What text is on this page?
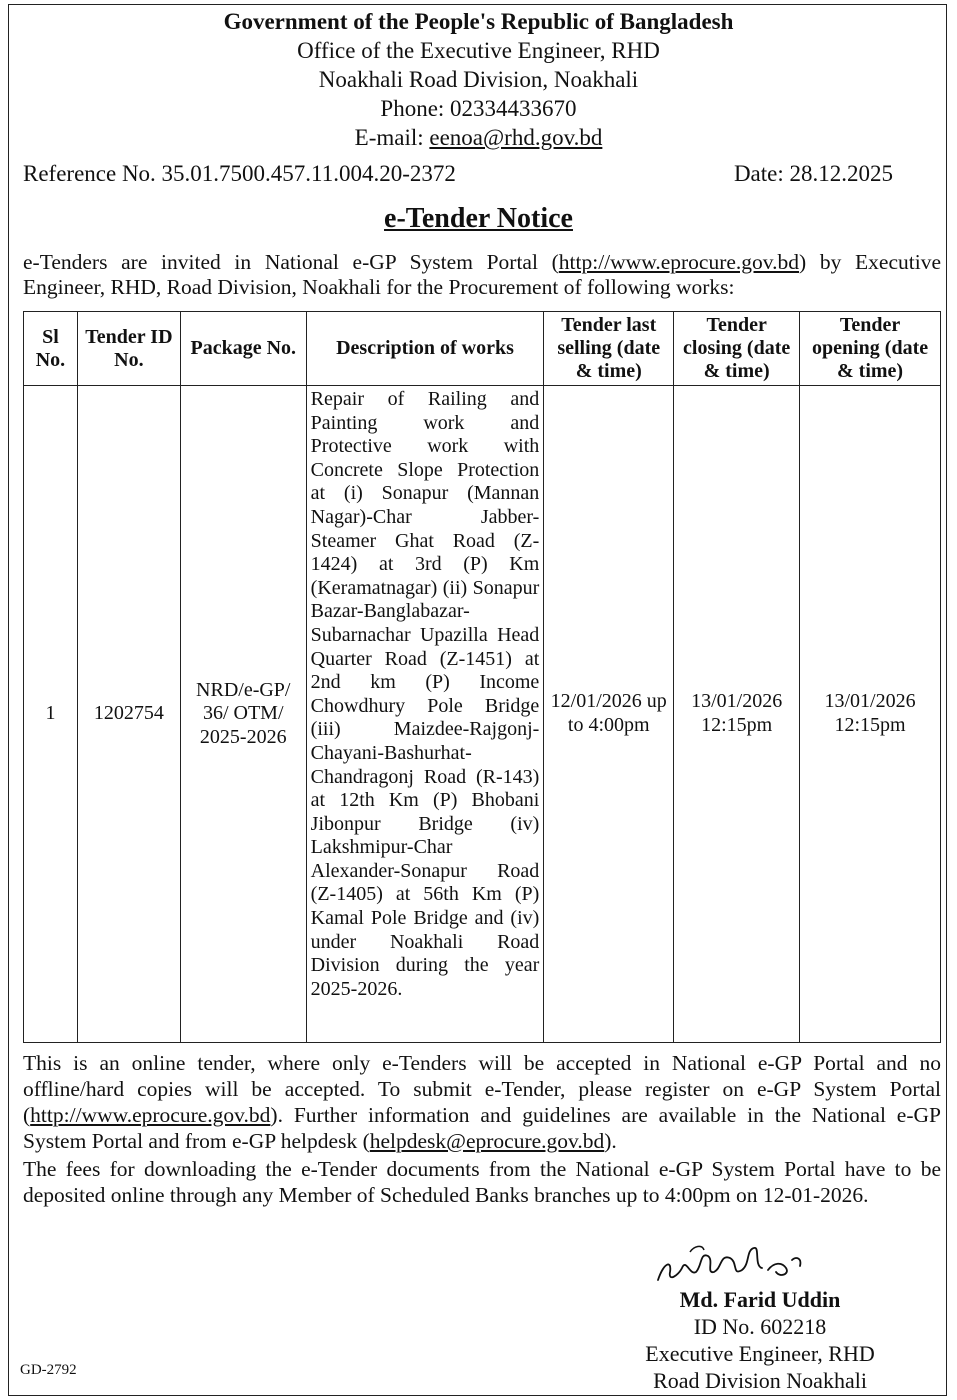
Government of the People's Republic of Bangladesh
Office of the Executive Engineer, RHD
Noakhali Road Division, Noakhali
Phone: 02334433670
E-mail: eenoa@rhd.gov.bd
Reference No. 35.01.7500.457.11.004.20-2372	Date: 28.12.2025
e-Tender Notice
e-Tenders are invited in National e-GP System Portal (http://www.eprocure.gov.bd) by Executive Engineer, RHD, Road Division, Noakhali for the Procurement of following works:
Sl No.	Tender ID No.	Package No.	Description of works	Tender last selling (date & time)	Tender closing (date & time)	Tender opening (date & time)
1	1202754	NRD/e-GP/ 36/ OTM/ 2025-2026	Repair of Railing and Painting work and Protective work with Concrete Slope Protection at (i) Sonapur (Mannan Nagar)-Char Jabber-Steamer Ghat Road (Z-1424) at 3rd (P) Km (Keramatnagar) (ii) Sonapur Bazar-Banglabazar-Subarnachar Upazilla Head Quarter Road (Z-1451) at 2nd km (P) Income Chowdhury Pole Bridge (iii) Maizdee-Rajgonj-Chayani-Bashurhat-Chandragonj Road (R-143) at 12th Km (P) Bhobani Jibonpur Bridge (iv) Lakshmipur-Char Alexander-Sonapur Road (Z-1405) at 56th Km (P) Kamal Pole Bridge and (iv) under Noakhali Road Division during the year 2025-2026.	12/01/2026 up to 4:00pm	13/01/2026 12:15pm	13/01/2026 12:15pm
This is an online tender, where only e-Tenders will be accepted in National e-GP Portal and no offline/hard copies will be accepted. To submit e-Tender, please register on e-GP System Portal (http://www.eprocure.gov.bd). Further information and guidelines are available in the National e-GP System Portal and from e-GP helpdesk (helpdesk@eprocure.gov.bd).
The fees for downloading the e-Tender documents from the National e-GP System Portal have to be deposited online through any Member of Scheduled Banks branches up to 4:00pm on 12-01-2026.
Md. Farid Uddin
ID No. 602218
Executive Engineer, RHD
Road Division Noakhali
GD-2792
